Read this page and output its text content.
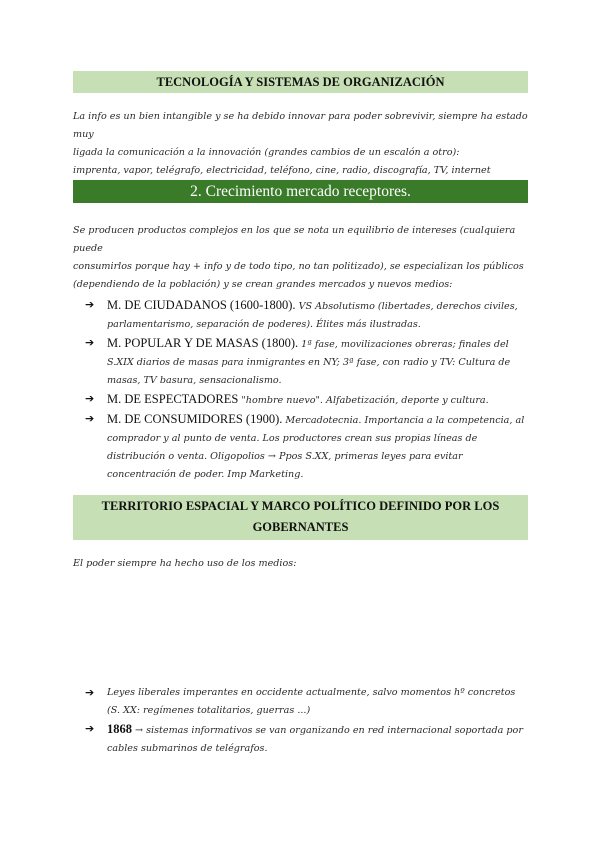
TECNOLOGÍA Y SISTEMAS DE ORGANIZACIÓN
La info es un bien intangible y se ha debido innovar para poder sobrevivir, siempre ha estado muy
ligada la comunicación a la innovación (grandes cambios de un escalón a otro):
imprenta, vapor, telégrafo, electricidad, teléfono, cine, radio, discografía, TV, internet
2. Crecimiento mercado receptores.
Se producen productos complejos en los que se nota un equilibrio de intereses (cualquiera puede
consumirlos porque hay + info y de todo tipo, no tan politizado), se especializan los públicos
(dependiendo de la población) y se crean grandes mercados y nuevos medios:
➔ M. DE CIUDADANOS (1600-1800). VS Absolutismo (libertades, derechos civiles, parlamentarismo, separación de poderes). Élites más ilustradas.
➔ M. POPULAR Y DE MASAS (1800). 1ª fase, movilizaciones obreras; finales del S.XIX diarios de masas para inmigrantes en NY; 3ª fase, con radio y TV: Cultura de masas, TV basura, sensacionalismo.
➔ M. DE ESPECTADORES "hombre nuevo". Alfabetización, deporte y cultura.
➔ M. DE CONSUMIDORES (1900). Mercadotecnia. Importancia a la competencia, al comprador y al punto de venta. Los productores crean sus propias líneas de distribución o venta. Oligopolios → Ppos S.XX, primeras leyes para evitar concentración de poder. Imp Marketing.
TERRITORIO ESPACIAL Y MARCO POLÍTICO DEFINIDO POR LOS
GOBERNANTES
El poder siempre ha hecho uso de los medios:
➔ Leyes liberales imperantes en occidente actualmente, salvo momentos hº concretos (S. XX: regímenes totalitarios, guerras ...)
➔ 1868 → sistemas informativos se van organizando en red internacional soportada por cables submarinos de telégrafos.
